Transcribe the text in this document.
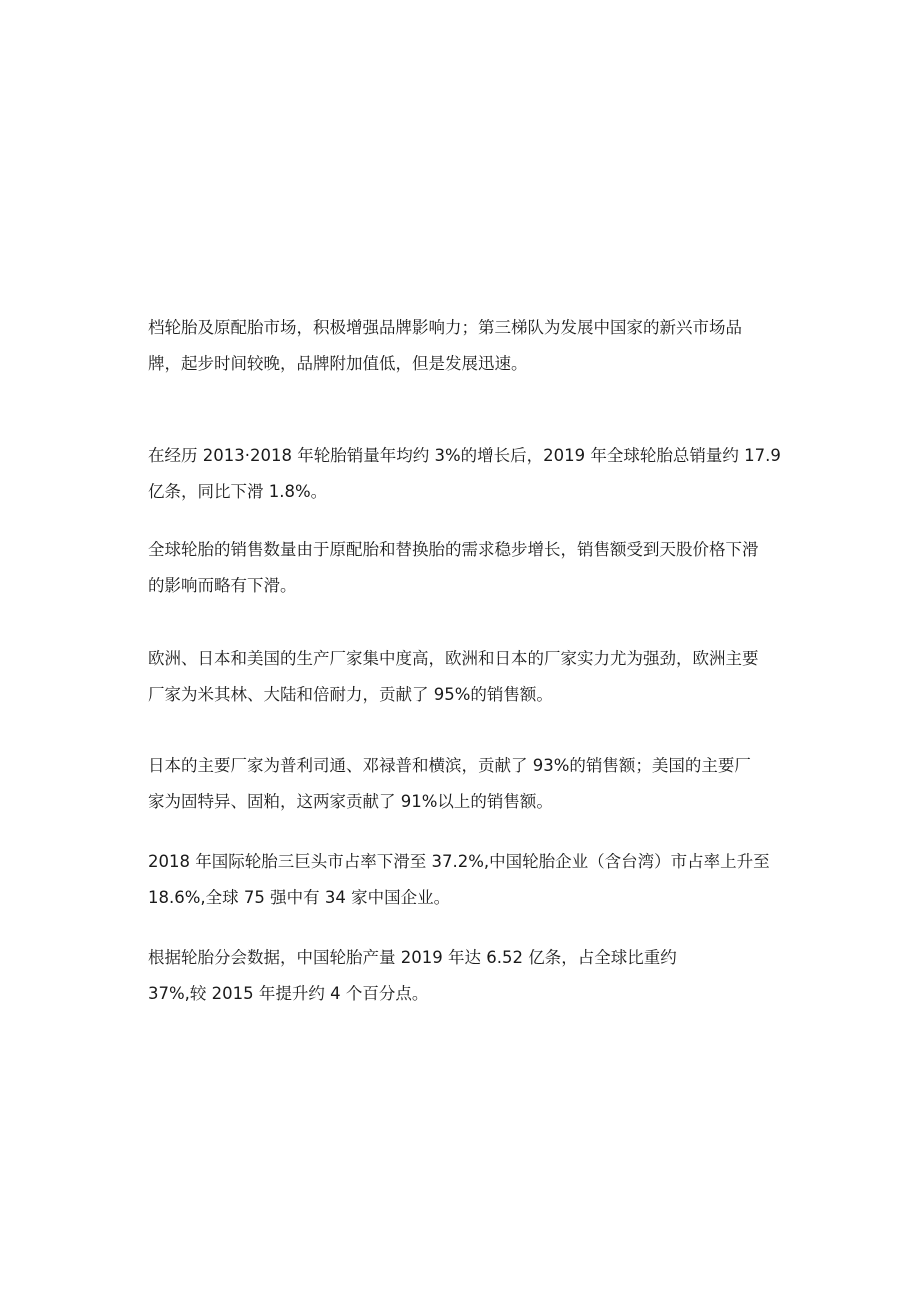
档轮胎及原配胎市场，积极增强品牌影响力；第三梯队为发展中国家的新兴市场品
牌，起步时间较晚，品牌附加值低，但是发展迅速。
在经历 2013·2018 年轮胎销量年均约 3%的增长后，2019 年全球轮胎总销量约 17.9
亿条，同比下滑 1.8%。
全球轮胎的销售数量由于原配胎和替换胎的需求稳步增长，销售额受到天股价格下滑
的影响而略有下滑。
欧洲、日本和美国的生产厂家集中度高，欧洲和日本的厂家实力尤为强劲，欧洲主要
厂家为米其林、大陆和倍耐力，贡献了 95%的销售额。
日本的主要厂家为普利司通、邓禄普和横滨，贡献了 93%的销售额；美国的主要厂
家为固特异、固粕，这两家贡献了 91%以上的销售额。
2018 年国际轮胎三巨头市占率下滑至 37.2%,中国轮胎企业（含台湾）市占率上升至
18.6%,全球 75 强中有 34 家中国企业。
根据轮胎分会数据，中国轮胎产量 2019 年达 6.52 亿条，占全球比重约
37%,较 2015 年提升约 4 个百分点。
